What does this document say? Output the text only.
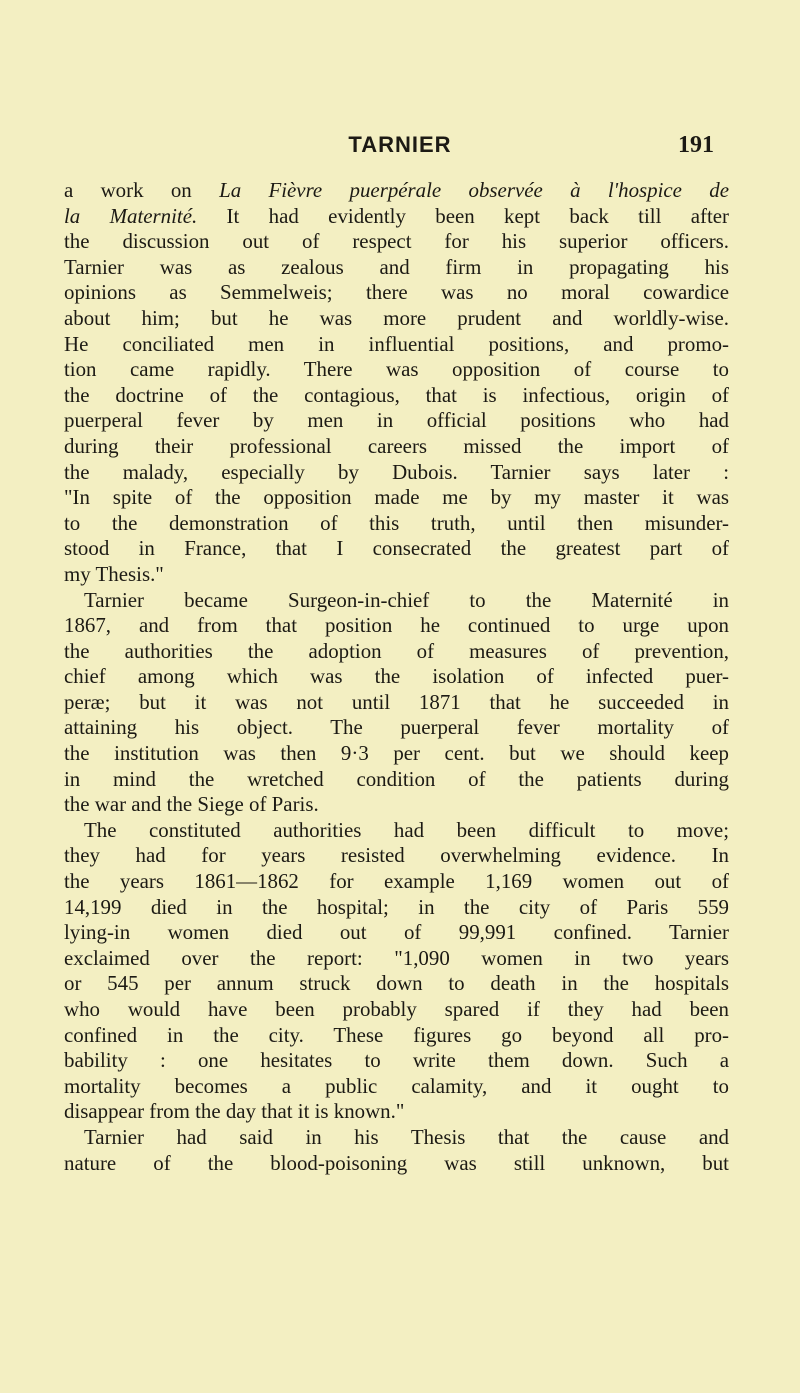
TARNIER	191
a work on La Fièvre puerpérale observée à l'hospice de
la Maternité. It had evidently been kept back till after
the discussion out of respect for his superior officers.
Tarnier was as zealous and firm in propagating his
opinions as Semmelweis; there was no moral cowardice
about him; but he was more prudent and worldly-wise.
He conciliated men in influential positions, and promo-
tion came rapidly. There was opposition of course to
the doctrine of the contagious, that is infectious, origin of
puerperal fever by men in official positions who had
during their professional careers missed the import of
the malady, especially by Dubois. Tarnier says later :
"In spite of the opposition made me by my master it was
to the demonstration of this truth, until then misunder-
stood in France, that I consecrated the greatest part of
my Thesis."
Tarnier became Surgeon-in-chief to the Maternité in
1867, and from that position he continued to urge upon
the authorities the adoption of measures of prevention,
chief among which was the isolation of infected puer-
peræ; but it was not until 1871 that he succeeded in
attaining his object. The puerperal fever mortality of
the institution was then 9·3 per cent. but we should keep
in mind the wretched condition of the patients during
the war and the Siege of Paris.
The constituted authorities had been difficult to move;
they had for years resisted overwhelming evidence. In
the years 1861—1862 for example 1,169 women out of
14,199 died in the hospital; in the city of Paris 559
lying-in women died out of 99,991 confined. Tarnier
exclaimed over the report: "1,090 women in two years
or 545 per annum struck down to death in the hospitals
who would have been probably spared if they had been
confined in the city. These figures go beyond all pro-
bability : one hesitates to write them down. Such a
mortality becomes a public calamity, and it ought to
disappear from the day that it is known."
Tarnier had said in his Thesis that the cause and
nature of the blood-poisoning was still unknown, but
